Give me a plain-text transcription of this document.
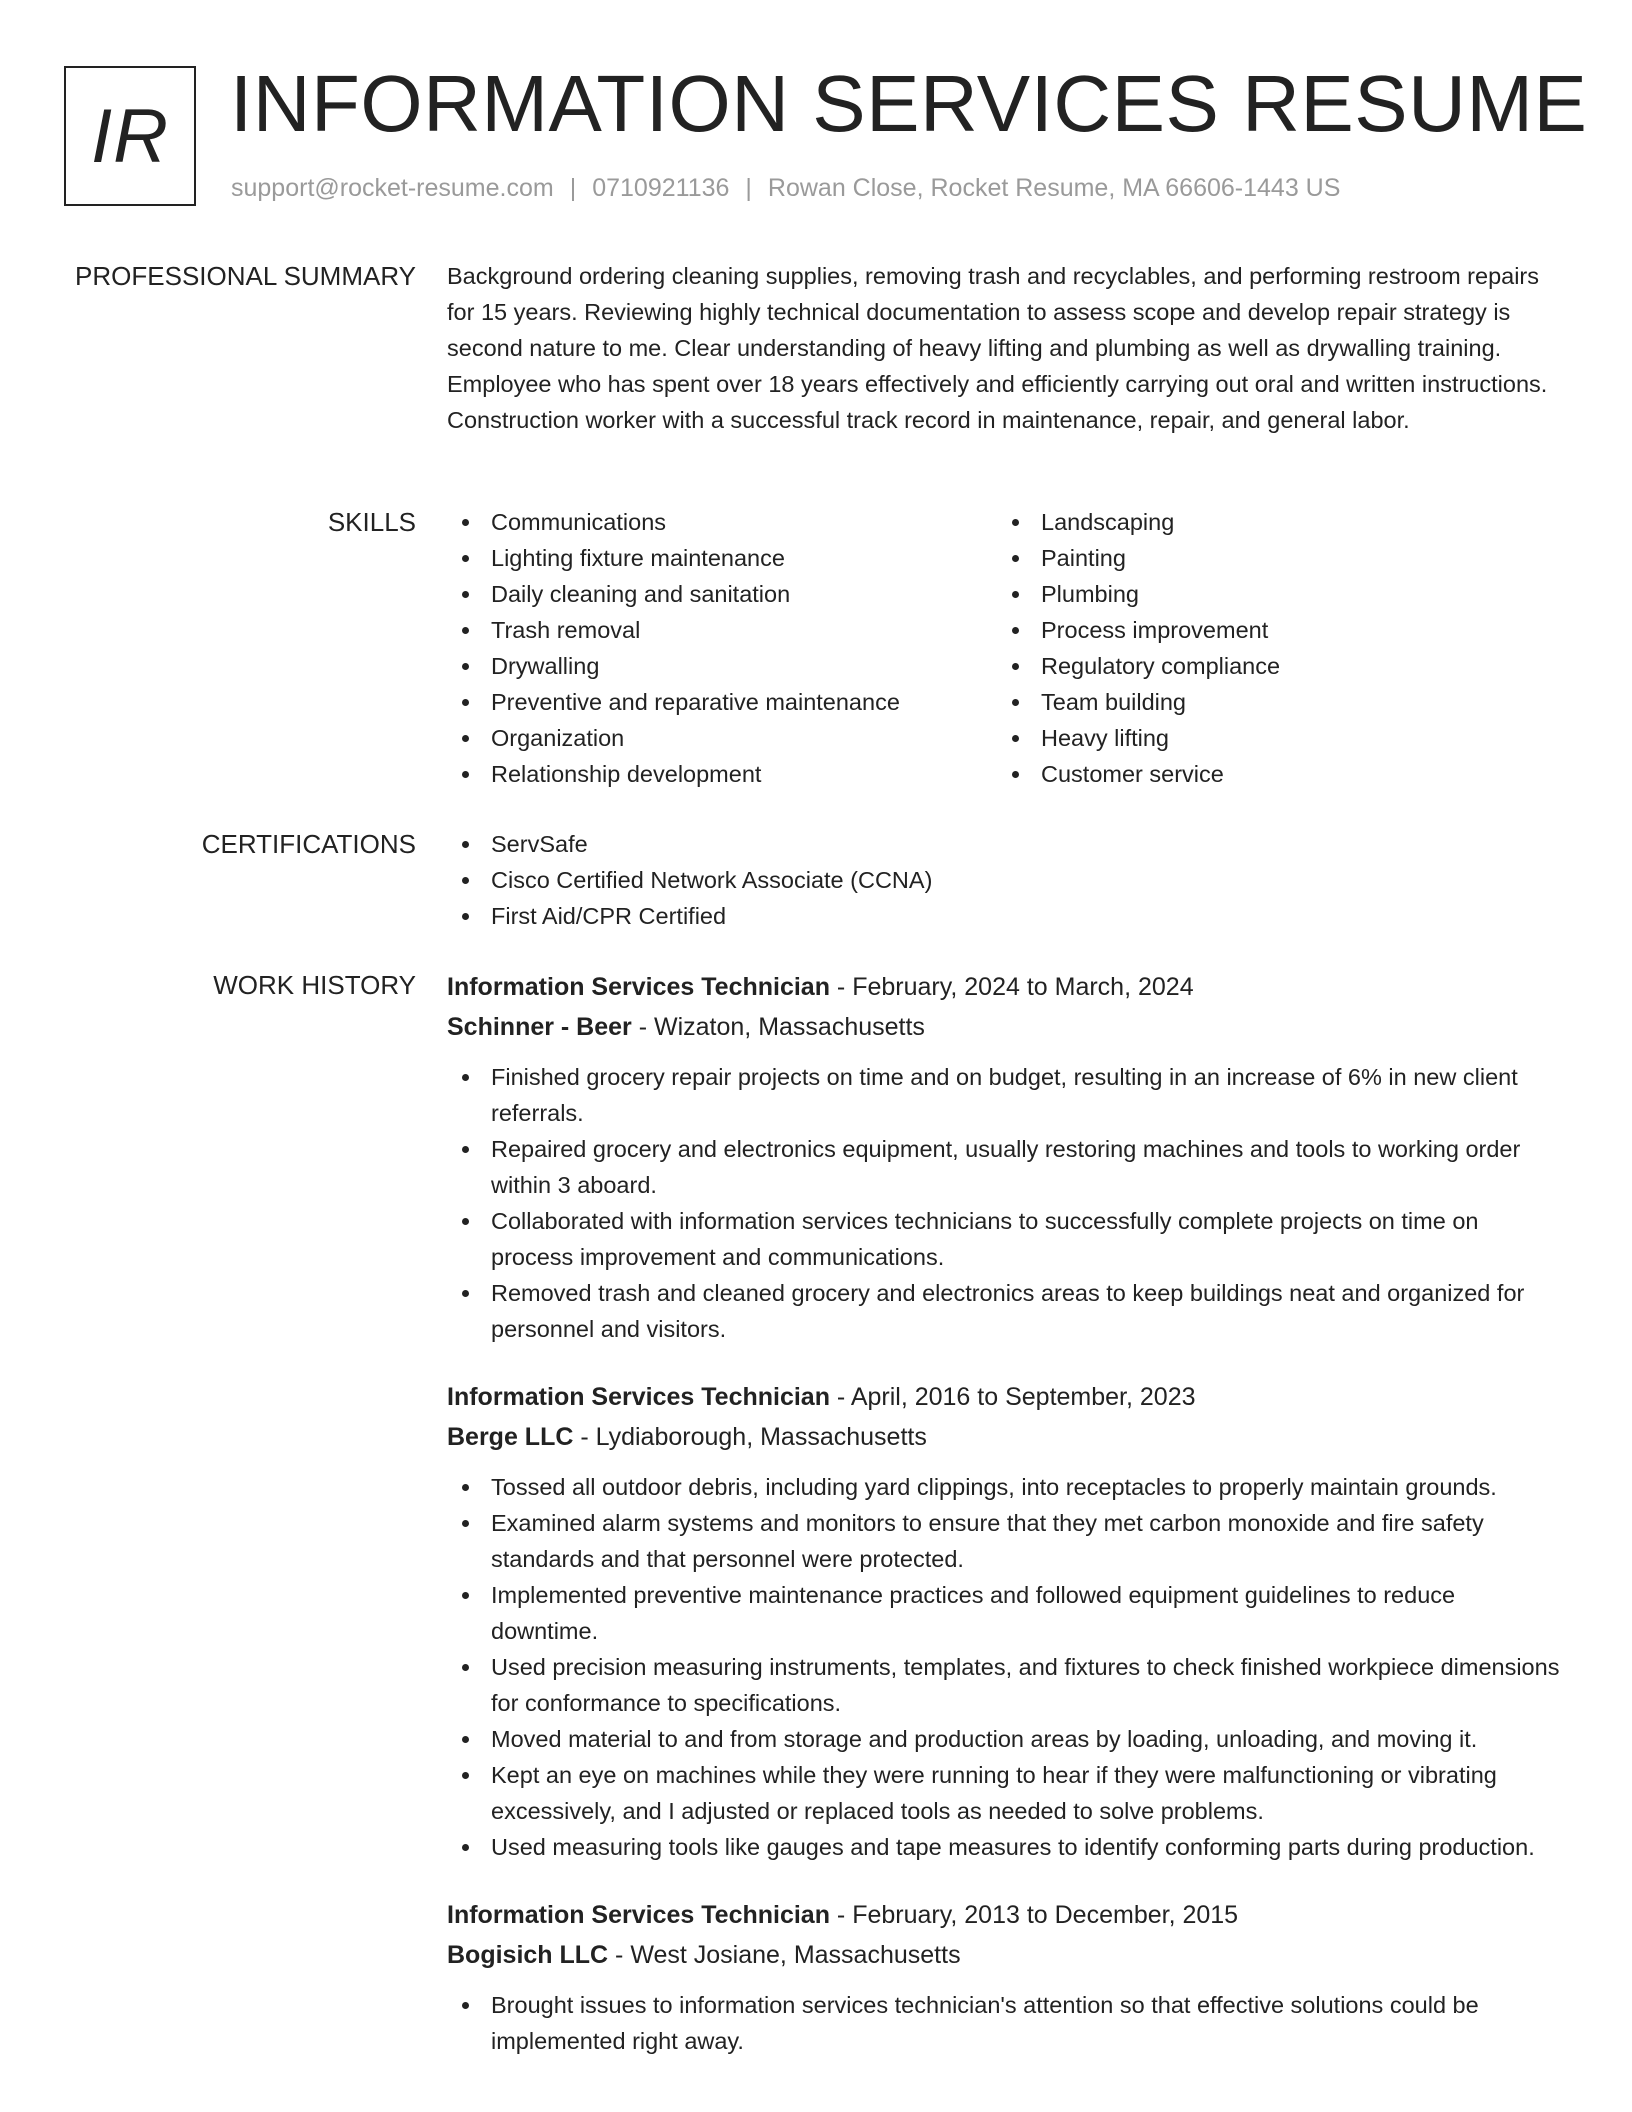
IR INFORMATION SERVICES RESUME
support@rocket-resume.com | 0710921136 | Rowan Close, Rocket Resume, MA 66606-1443 US
PROFESSIONAL SUMMARY Background ordering cleaning supplies, removing trash and recyclables, and performing restroom repairs for 15 years. Reviewing highly technical documentation to assess scope and develop repair strategy is second nature to me. Clear understanding of heavy lifting and plumbing as well as drywalling training. Employee who has spent over 18 years effectively and efficiently carrying out oral and written instructions. Construction worker with a successful track record in maintenance, repair, and general labor.

SKILLS	Communications
Lighting fixture maintenance
Daily cleaning and sanitation
Trash removal
Drywalling
Preventive and reparative maintenance
Organization
Relationship development
Landscaping
Painting
Plumbing
Process improvement
Regulatory compliance
Team building
Heavy lifting
Customer service
CERTIFICATIONS	ServSafe
Cisco Certified Network Associate (CCNA)
First Aid/CPR Certified
WORK HISTORY Information Services Technician - February, 2024 to March, 2024
Schinner - Beer - Wizaton, Massachusetts
Finished grocery repair projects on time and on budget, resulting in an increase of 6% in new client referrals.
Repaired grocery and electronics equipment, usually restoring machines and tools to working order within 3 aboard.
Collaborated with information services technicians to successfully complete projects on time on process improvement and communications.
Removed trash and cleaned grocery and electronics areas to keep buildings neat and organized for personnel and visitors.
Information Services Technician - April, 2016 to September, 2023
Berge LLC - Lydiaborough, Massachusetts
Tossed all outdoor debris, including yard clippings, into receptacles to properly maintain grounds.
Examined alarm systems and monitors to ensure that they met carbon monoxide and fire safety standards and that personnel were protected.
Implemented preventive maintenance practices and followed equipment guidelines to reduce downtime.
Used precision measuring instruments, templates, and fixtures to check finished workpiece dimensions for conformance to specifications.
Moved material to and from storage and production areas by loading, unloading, and moving it.
Kept an eye on machines while they were running to hear if they were malfunctioning or vibrating excessively, and I adjusted or replaced tools as needed to solve problems.
Used measuring tools like gauges and tape measures to identify conforming parts during production.
Information Services Technician - February, 2013 to December, 2015
Bogisich LLC - West Josiane, Massachusetts
Brought issues to information services technician's attention so that effective solutions could be implemented right away.
